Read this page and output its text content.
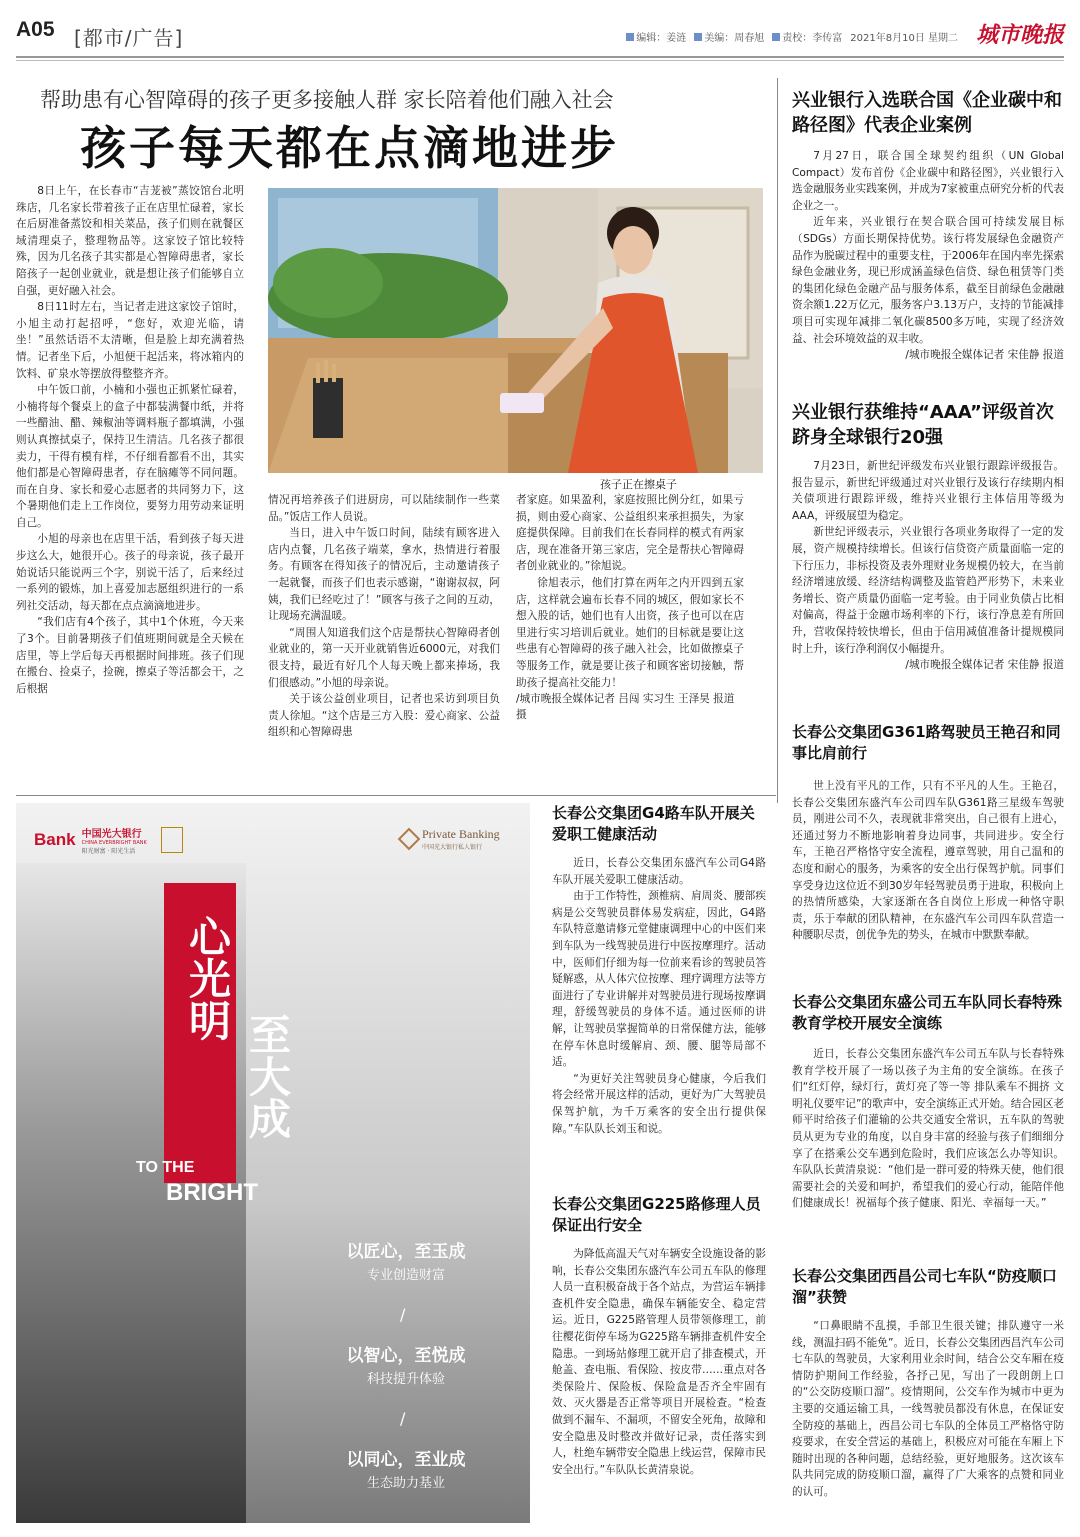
A05 [都市/广告]	编辑：姜涟	美编：周春旭	责校：李传富 2021年8月10日 星期二 城市晚报
帮助患有心智障碍的孩子更多接触人群 家长陪着他们融入社会
孩子每天都在点滴地进步

8日上午，在长春市“吉茏被”蒸饺馆台北明珠店，几名家长带着孩子正在店里忙碌着，家长在后厨准备蒸饺和相关菜品，孩子们则在就餐区域清理桌子，整理物品等。这家饺子馆比较特殊，因为几名孩子其实都是心智障碍患者，家长陪孩子一起创业就业，就是想让孩子们能够自立自强，更好融入社会。

8日11时左右，当记者走进这家饺子馆时，小旭主动打起招呼，“您好，欢迎光临，请坐！”虽然话语不太清晰，但是脸上却充满着热情。记者坐下后，小旭便干起活来，将冰箱内的饮料、矿泉水等摆放得整整齐齐。

中午饭口前，小楠和小强也正抓紧忙碌着，小楠将每个餐桌上的盒子中都装满餐巾纸，并将一些醋油、醋、辣椒油等调料瓶子都填满，小强则认真擦拭桌子，保持卫生清洁。几名孩子都很卖力，干得有模有样，不仔细看都看不出，其实他们都是心智障碍患者，存在脑瘫等不同问题。而在自身、家长和爱心志愿者的共同努力下，这个暑期他们走上工作岗位，要努力用劳动来证明自己。

小旭的母亲也在店里干活，看到孩子每天进步这么大，她很开心。孩子的母亲说，孩子最开始说话只能说两三个字，别说干活了，后来经过一系列的锻炼，加上喜爱加志愿组织进行的一系列社交活动，每天都在点点滴滴地进步。

“我们店有4个孩子，其中1个休班，今天来了3个。目前暑期孩子们值班期间就是全天候在店里，等上学后每天再根据时间排班。孩子们现在搬台、捡桌子，捡碗，擦桌子等活都会干，之后根据

孩子正在擦桌子

情况再培养孩子们进厨房，可以陆续制作一些菜品。”饭店工作人员说。

当日，进入中午饭口时间，陆续有顾客进入店内点餐，几名孩子端菜，拿水，热情进行着服务。有顾客在得知孩子的情况后，主动邀请孩子一起就餐，而孩子们也表示感谢，“谢谢叔叔，阿姨，我们已经吃过了！”顾客与孩子之间的互动，让现场充满温暖。

“周围人知道我们这个店是帮扶心智障碍者创业就业的，第一天开业就销售近6000元，对我们很支持，最近有好几个人每天晚上都来捧场，我们很感动。”小旭的母亲说。

关于该公益创业项目，记者也采访到项目负责人徐旭。“这个店是三方入股：爱心商家、公益组织和心智障碍患

者家庭。如果盈利，家庭按照比例分红，如果亏损，则由爱心商家、公益组织来承担损失，为家庭提供保障。目前我们在长春同样的模式有两家店，现在准备开第三家店，完全是帮扶心智障碍者创业就业的。”徐旭说。

徐旭表示，他们打算在两年之内开四到五家店，这样就会遍布长春不同的城区，假如家长不想入股的话，她们也有人出资，孩子也可以在店里进行实习培训后就业。她们的目标就是要让这些患有心智障碍的孩子融入社会，比如做擦桌子等服务工作，就是要让孩子和顾客密切接触，帮助孩子提高社交能力！

/城市晚报全媒体记者 吕闯 实习生 王泽昊 报道 摄

兴业银行入选联合国《企业碳中和路径图》代表企业案例

7月27日，联合国全球契约组织（UN Global Compact）发布首份《企业碳中和路径图》，兴业银行入选金融服务业实践案例，并成为7家被重点研究分析的代表企业之一。

近年来，兴业银行在契合联合国可持续发展目标（SDGs）方面长期保持优势。该行将发展绿色金融资产品作为脱碳过程中的重要支柱，于2006年在国内率先探索绿色金融业务，现已形成涵盖绿色信贷、绿色租赁等门类的集团化绿色金融产品与服务体系，截至目前绿色金融融资余额1.22万亿元，服务客户3.13万户，支持的节能减排项目可实现年减排二氧化碳8500多万吨，实现了经济效益、社会环境效益的双丰收。

/城市晚报全媒体记者 宋佳静 报道

兴业银行获维持“AAA”评级首次跻身全球银行20强

7月23日，新世纪评级发布兴业银行跟踪评级报告。报告显示，新世纪评级通过对兴业银行及该行存续期内相关债项进行跟踪评级，维持兴业银行主体信用等级为AAA，评级展望为稳定。

新世纪评级表示，兴业银行各项业务取得了一定的发展，资产规模持续增长。但该行信贷资产质量面临一定的下行压力，非标投资及表外理财业务规模仍较大，在当前经济增速放缓、经济结构调整及监管趋严形势下，未来业务增长、资产质量仍面临一定考验。由于同业负债占比相对偏高，得益于金融市场利率的下行，该行净息差有所回升，营收保持较快增长，但由于信用减值准备计提规模同时上升，该行净利润仅小幅提升。

/城市晚报全媒体记者 宋佳静 报道

长春公交集团G361路驾驶员王艳召和同事比肩前行

世上没有平凡的工作，只有不平凡的人生。王艳召，长春公交集团东盛汽车公司四车队G361路三星级车驾驶员，刚进公司不久，表现就非常突出，自己很有上进心，还通过努力不断地影响着身边同事，共同进步。安全行车，王艳召严格恪守安全流程，遵章驾驶，用自己温和的态度和耐心的服务，为乘客的安全出行保驾护航。同事们享受身边这位近不到30岁年轻驾驶员勇于进取，积极向上的热情所感染，大家逐渐在各自岗位上形成一种恪守职责，乐于奉献的团队精神，在东盛汽车公司四车队营造一种腰职尽责，创优争先的势头，在城市中默默奉献。

长春公交集团东盛公司五车队同长春特殊教育学校开展安全演练

近日，长春公交集团东盛汽车公司五车队与长春特殊教育学校开展了一场以孩子为主角的安全演练。在孩子们“红灯停，绿灯行，黄灯亮了等一等 排队乘车不拥挤 文明礼仪要牢记”的歌声中，安全演练正式开始。结合园区老师平时给孩子们灌输的公共交通安全常识，五车队的驾驶员从更为专业的角度，以自身丰富的经验与孩子们细细分享了在搭乘公交车遇到危险时，我们应该怎么办等知识。车队队长黄清泉说：“他们是一群可爱的特殊天使，他们很需要社会的关爱和呵护，希望我们的爱心行动，能陪伴他们健康成长！祝福每个孩子健康、阳光、幸福每一天。”

长春公交集团西昌公司七车队“防疫顺口溜”获赞

“口鼻眼睛不乱摸，手部卫生很关键；排队遵守一米线，测温扫码不能免”。近日，长春公交集团西昌汽车公司七车队的驾驶员，大家利用业余时间，结合公交车厢在疫情防护期间工作经验，各抒己见，写出了一段朗朗上口的“公交防疫顺口溜”。疫情期间，公交车作为城市中更为主要的交通运输工具，一线驾驶员都没有休息，在保证安全防疫的基础上，西昌公司七车队的全体员工严格恪守防疫要求，在安全营运的基础上，积极应对可能在车厢上下随时出现的各种问题，总结经验，更好地服务。这次该车队共同完成的防疫顺口溜，赢得了广大乘客的点赞和同业的认可。

长春公交集团G4路车队开展关爱职工健康活动

近日，长春公交集团东盛汽车公司G4路车队开展关爱职工健康活动。

由于工作特性，颈椎病、肩周炎、腰部疾病是公交驾驶员群体易发病症，因此，G4路车队特意邀请修元堂健康调理中心的中医们来到车队为一线驾驶员进行中医按摩理疗。活动中，医师们仔细为每一位前来看诊的驾驶员答疑解惑，从人体穴位按摩、理疗调理方法等方面进行了专业讲解并对驾驶员进行现场按摩调理，舒缓驾驶员的身体不适。通过医师的讲解，让驾驶员掌握简单的日常保健方法，能够在停车休息时缓解肩、颈、腰、腿等局部不适。

“为更好关注驾驶员身心健康，今后我们将会经常开展这样的活动，更好为广大驾驶员保驾护航，为千万乘客的安全出行提供保障。”车队队长刘玉和说。

长春公交集团G225路修理人员保证出行安全

为降低高温天气对车辆安全设施设备的影响，长春公交集团东盛汽车公司五车队的修理人员一直积极奋战于各个站点，为营运车辆排查机件安全隐患，确保车辆能安全、稳定营运。近日，G225路管理人员带领修理工，前往樱花街停车场为G225路车辆排查机件安全隐患。一到场站修理工就开启了排查模式，开舱盖、查电瓶、看保险、按皮带……重点对各类保险片、保险板、保险盒是否齐全牢固有效、灭火器是否正常等项目开展检查。“检查做到不漏车、不漏项，不留安全死角，故障和安全隐患及时整改并做好记录，责任落实到人，杜绝车辆带安全隐患上线运营，保障市民安全出行。”车队队长黄清泉说。

Bank 中国光大银行
CHINA EVERBRIGHT BANK
阳光财富 · 阳光生活
Private Banking
中国光大银行私人银行
心光明
至大成
TO THE
BRIGHT
以匠心，至玉成
专业创造财富
/
以智心，至悦成
科技提升体验
/
以同心，至业成
生态助力基业
